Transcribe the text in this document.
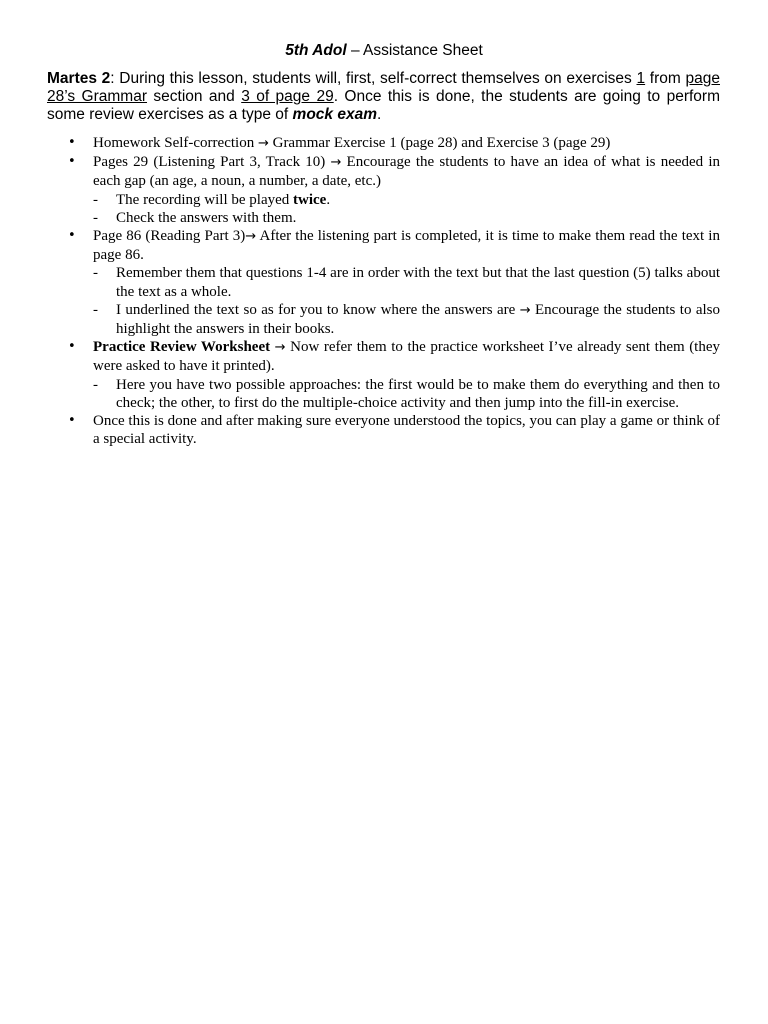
5th Adol – Assistance Sheet
Martes 2: During this lesson, students will, first, self-correct themselves on exercises 1 from page 28’s Grammar section and 3 of page 29. Once this is done, the students are going to perform some review exercises as a type of mock exam.
• Homework Self-correction → Grammar Exercise 1 (page 28) and Exercise 3 (page 29)
• Pages 29 (Listening Part 3, Track 10) → Encourage the students to have an idea of what is needed in each gap (an age, a noun, a number, a date, etc.)
- The recording will be played twice.
- Check the answers with them.
• Page 86 (Reading Part 3)→ After the listening part is completed, it is time to make them read the text in page 86.
- Remember them that questions 1-4 are in order with the text but that the last question (5) talks about the text as a whole.
- I underlined the text so as for you to know where the answers are → Encourage the students to also highlight the answers in their books.
• Practice Review Worksheet → Now refer them to the practice worksheet I’ve already sent them (they were asked to have it printed).
- Here you have two possible approaches: the first would be to make them do everything and then to check; the other, to first do the multiple-choice activity and then jump into the fill-in exercise.
• Once this is done and after making sure everyone understood the topics, you can play a game or think of a special activity.
